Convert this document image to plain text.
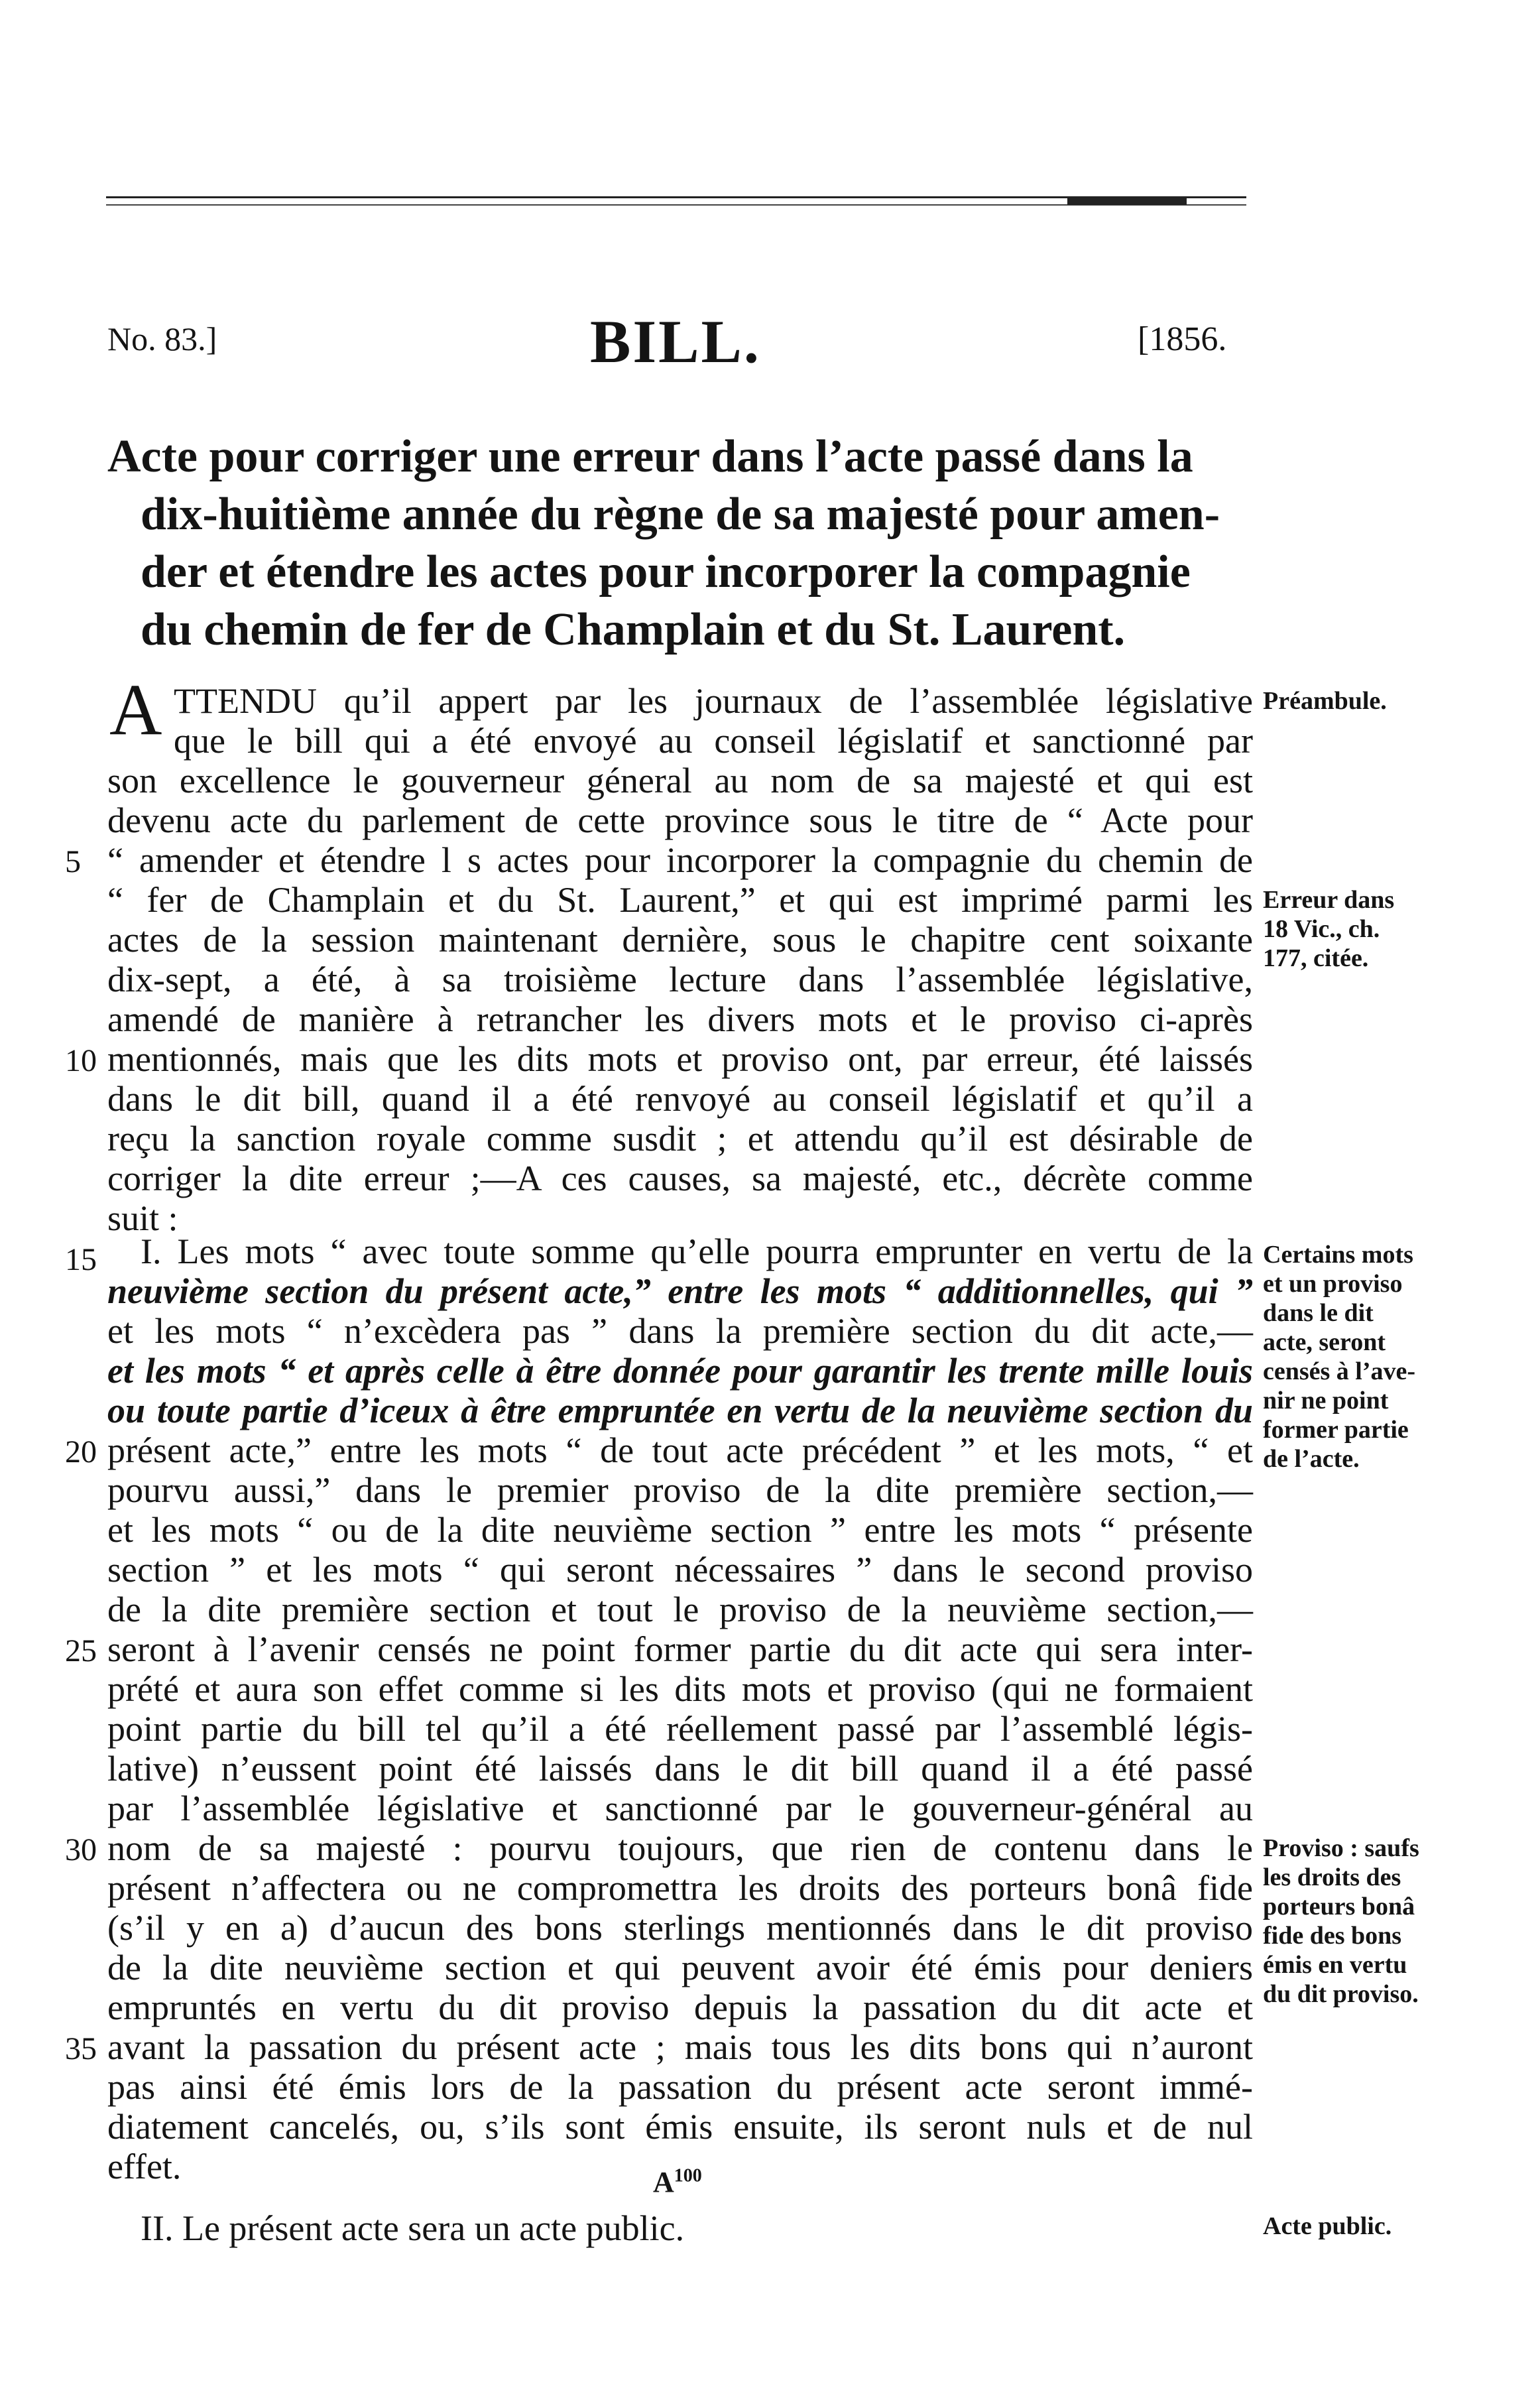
No. 83.]	BILL.	[1856.
Acte pour corriger une erreur dans l’acte passé dans la
dix-huitième année du règne de sa majesté pour amen-
der et étendre les actes pour incorporer la compagnie
du chemin de fer de Champlain et du St. Laurent.
A TTENDU qu’il appert par les journaux de l’assemblée législative
que le bill qui a été envoyé au conseil législatif et sanctionné par
son excellence le gouverneur géneral au nom de sa majesté et qui est
devenu acte du parlement de cette province sous le titre de “ Acte pour
“ amender et étendre l s actes pour incorporer la compagnie du chemin de
“ fer de Champlain et du St. Laurent,” et qui est imprimé parmi les
actes de la session maintenant dernière, sous le chapitre cent soixante
dix-sept, a été, à sa troisième lecture dans l’assemblée législative,
amendé de manière à retrancher les divers mots et le proviso ci-après
mentionnés, mais que les dits mots et proviso ont, par erreur, été laissés
dans le dit bill, quand il a été renvoyé au conseil législatif et qu’il a
reçu la sanction royale comme susdit ; et attendu qu’il est désirable de
corriger la dite erreur ;—A ces causes, sa majesté, etc., décrète comme
suit :
I. Les mots “ avec toute somme qu’elle pourra emprunter en vertu de la
neuvième section du présent acte,” entre les mots “ additionnelles, qui ”
et les mots “ n’excèdera pas ” dans la première section du dit acte,—
et les mots “ et après celle à être donnée pour garantir les trente mille louis
ou toute partie d’iceux à être empruntée en vertu de la neuvième section du
présent acte,” entre les mots “ de tout acte précédent ” et les mots, “ et
pourvu aussi,” dans le premier proviso de la dite première section,—
et les mots “ ou de la dite neuvième section ” entre les mots “ présente
section ” et les mots “ qui seront nécessaires ” dans le second proviso
de la dite première section et tout le proviso de la neuvième section,—
seront à l’avenir censés ne point former partie du dit acte qui sera inter-
prété et aura son effet comme si les dits mots et proviso (qui ne formaient
point partie du bill tel qu’il a été réellement passé par l’assemblé légis-
lative) n’eussent point été laissés dans le dit bill quand il a été passé
par l’assemblée législative et sanctionné par le gouverneur-général au
nom de sa majesté : pourvu toujours, que rien de contenu dans le
présent n’affectera ou ne compromettra les droits des porteurs bonâ fide
(s’il y en a) d’aucun des bons sterlings mentionnés dans le dit proviso
de la dite neuvième section et qui peuvent avoir été émis pour deniers
empruntés en vertu du dit proviso depuis la passation du dit acte et
avant la passation du présent acte ; mais tous les dits bons qui n’auront
pas ainsi été émis lors de la passation du présent acte seront immé-
diatement cancelés, ou, s’ils sont émis ensuite, ils seront nuls et de nul
effet.
II. Le présent acte sera un acte public.
5
10
15
20
25
30
35
Préambule.
Erreur dans
18 Vic., ch.
177, citée.
Certains mots
et un proviso
dans le dit
acte, seront
censés à l’ave-
nir ne point
former partie
de l’acte.
Proviso : saufs
les droits des
porteurs bonâ
fide des bons
émis en vertu
du dit proviso.
Acte public.
$A^{100}$
